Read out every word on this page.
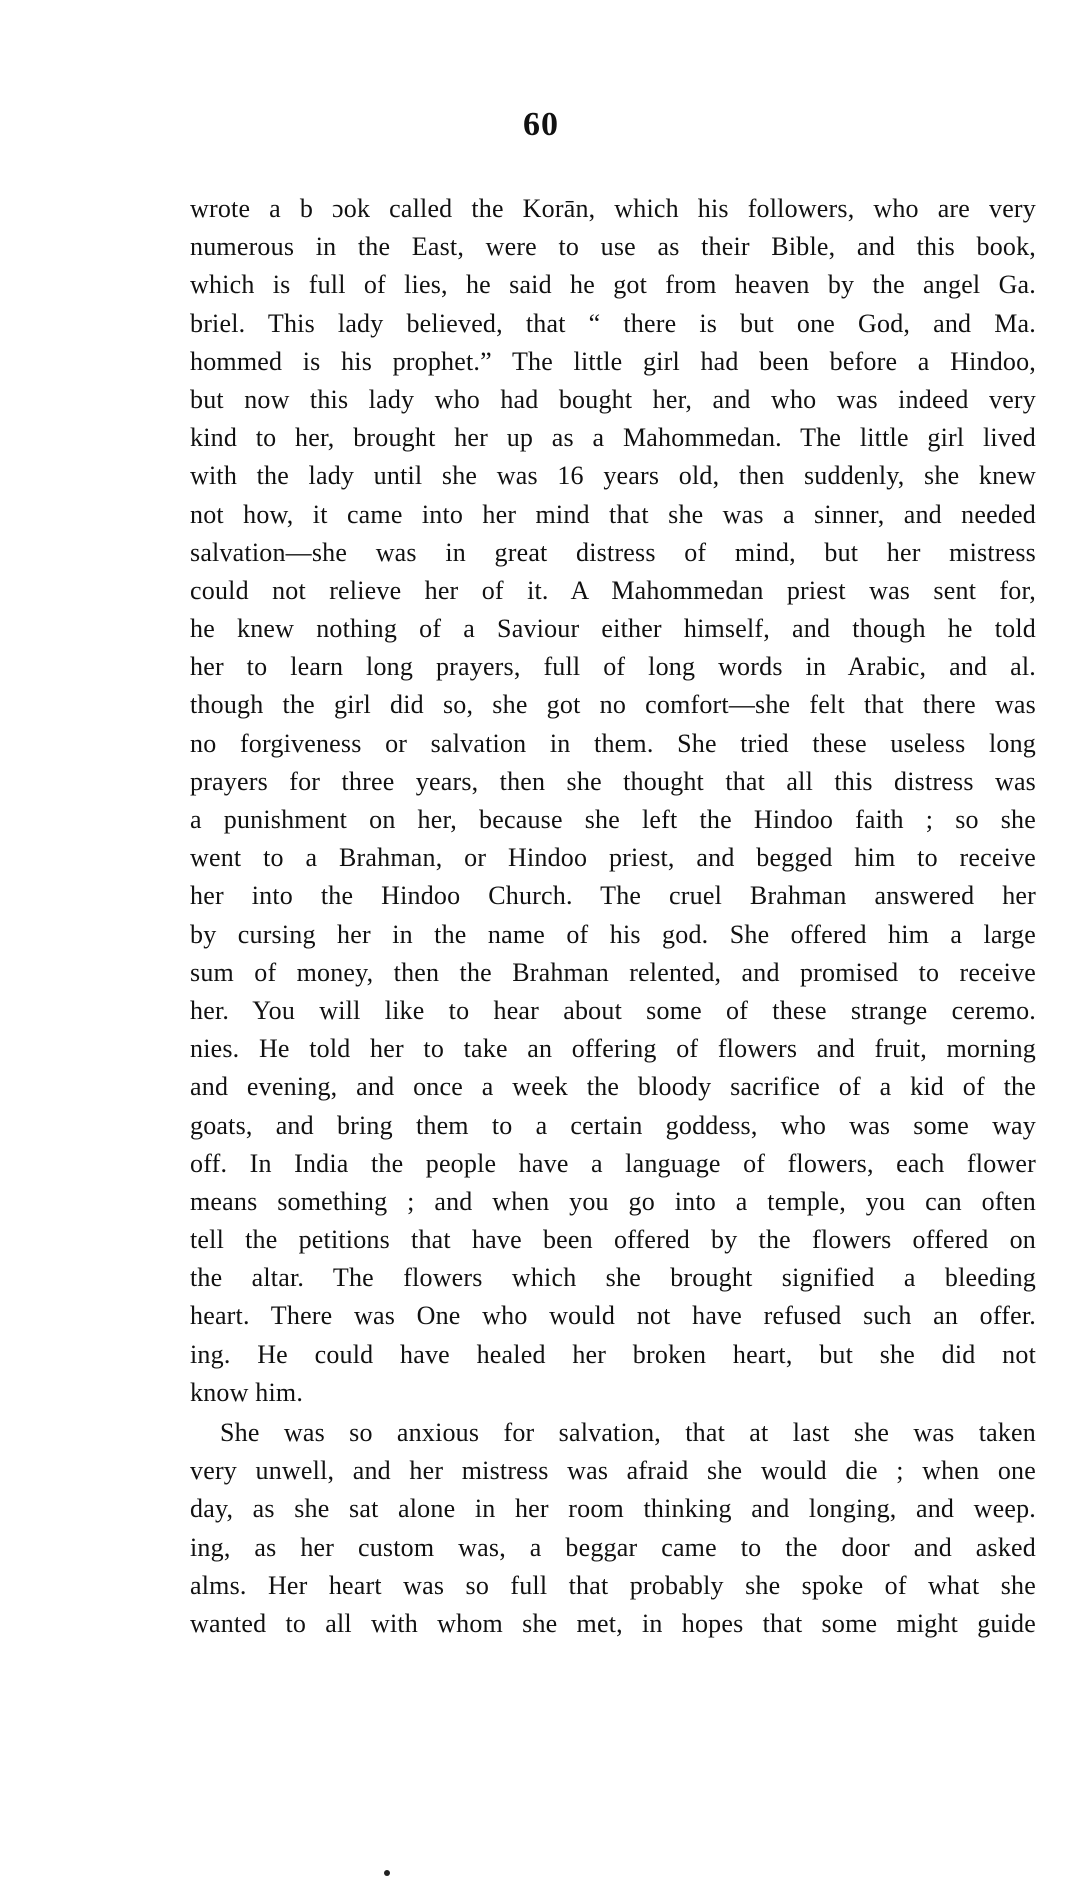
60
wrote a b ɔok called the Korān, which his followers, who are very
numerous in the East, were to use as their Bible, and this book,
which is full of lies, he said he got from heaven by the angel Ga.
briel. This lady believed, that “ there is but one God, and Ma.
hommed is his prophet.” The little girl had been before a Hindoo,
but now this lady who had bought her, and who was indeed very
kind to her, brought her up as a Mahommedan. The little girl lived
with the lady until she was 16 years old, then suddenly, she knew
not how, it came into her mind that she was a sinner, and needed
salvation—she was in great distress of mind, but her mistress
could not relieve her of it. A Mahommedan priest was sent for,
he knew nothing of a Saviour either himself, and though he told
her to learn long prayers, full of long words in Arabic, and al.
though the girl did so, she got no comfort—she felt that there was
no forgiveness or salvation in them. She tried these useless long
prayers for three years, then she thought that all this distress was
a punishment on her, because she left the Hindoo faith ; so she
went to a Brahman, or Hindoo priest, and begged him to receive
her into the Hindoo Church. The cruel Brahman answered her
by cursing her in the name of his god. She offered him a large
sum of money, then the Brahman relented, and promised to receive
her. You will like to hear about some of these strange ceremo.
nies. He told her to take an offering of flowers and fruit, morning
and evening, and once a week the bloody sacrifice of a kid of the
goats, and bring them to a certain goddess, who was some way
off. In India the people have a language of flowers, each flower
means something ; and when you go into a temple, you can often
tell the petitions that have been offered by the flowers offered on
the altar. The flowers which she brought signified a bleeding
heart. There was One who would not have refused such an offer.
ing. He could have healed her broken heart, but she did not
know him.
She was so anxious for salvation, that at last she was taken
very unwell, and her mistress was afraid she would die ; when one
day, as she sat alone in her room thinking and longing, and weep.
ing, as her custom was, a beggar came to the door and asked
alms. Her heart was so full that probably she spoke of what she
wanted to all with whom she met, in hopes that some might guide
